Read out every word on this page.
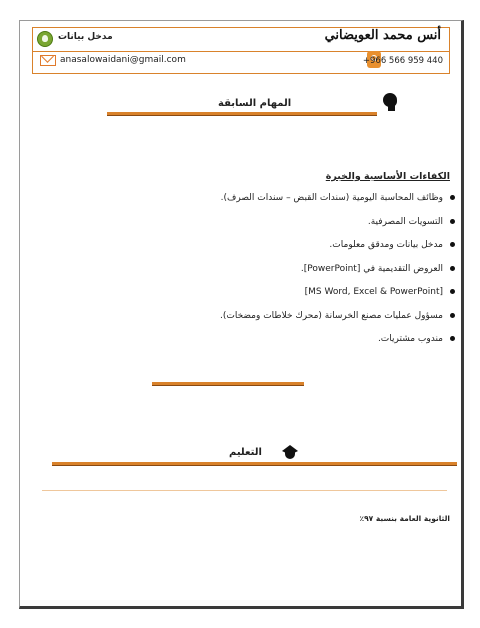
مدخل بيانات	أنس محمد العويضاني
anasalowaidani@gmail.com	+966 566 959 440
المهام السابقة
الكفاءات الأساسية والخبرة
وظائف المحاسبة اليومية (سندات القبض – سندات الصرف).
التسويات المصرفية.
مدخل بيانات ومدقق معلومات.
العروض التقديمية في [PowerPoint].
[MS Word, Excel & PowerPoint]
مسؤول عمليات مصنع الخرسانة (محرك خلاطات ومضخات).
مندوب مشتريات.
التعليم
الثانوية العامة بنسبة ٩٧٪
